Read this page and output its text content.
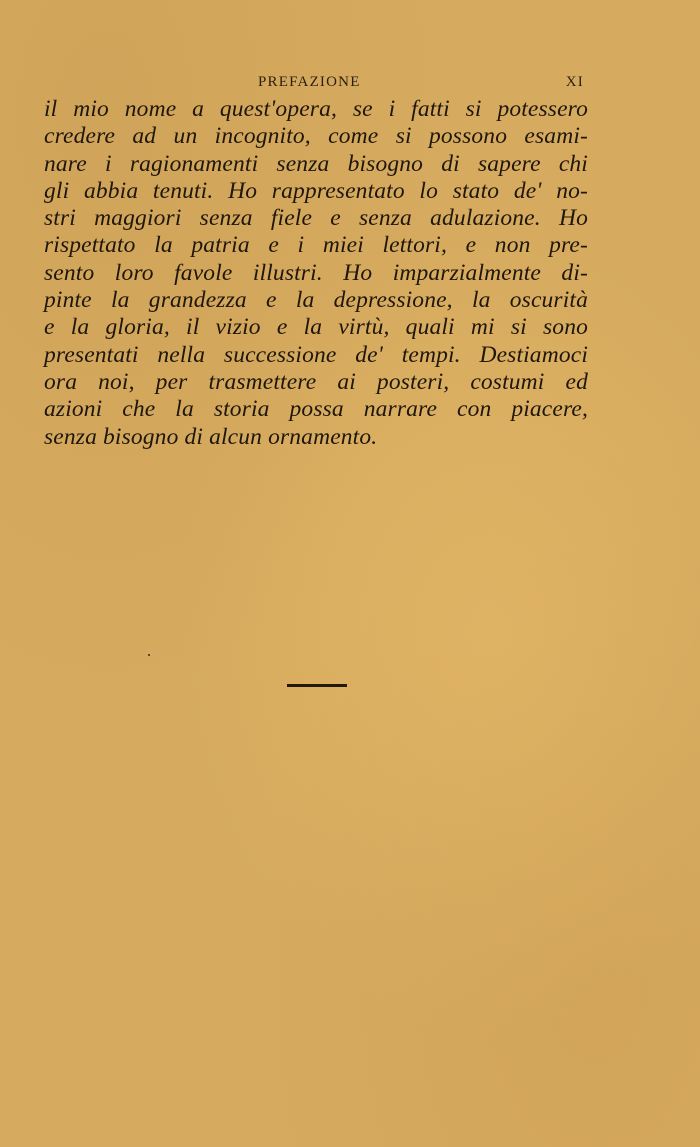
PREFAZIONE	XI
il mio nome a quest'opera, se i fatti si potessero
credere ad un incognito, come si possono esami-
nare i ragionamenti senza bisogno di sapere chi
gli abbia tenuti. Ho rappresentato lo stato de' no-
stri maggiori senza fiele e senza adulazione. Ho
rispettato la patria e i miei lettori, e non pre-
sento loro favole illustri. Ho imparzialmente di-
pinte la grandezza e la depressione, la oscurità
e la gloria, il vizio e la virtù, quali mi si sono
presentati nella successione de' tempi. Destiamoci
ora noi, per trasmettere ai posteri, costumi ed
azioni che la storia possa narrare con piacere,
senza bisogno di alcun ornamento.
